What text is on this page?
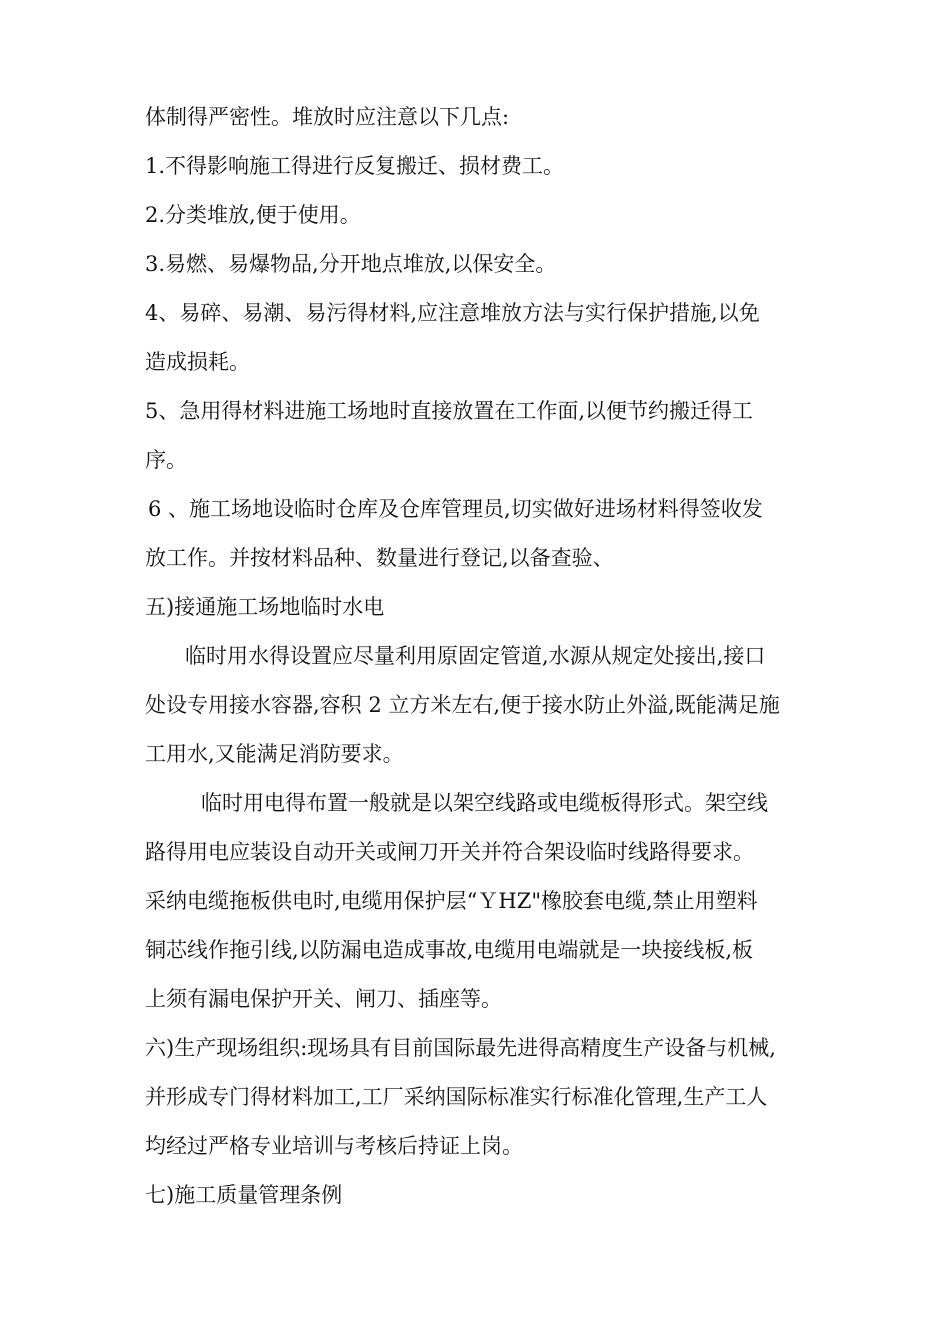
体制得严密性。堆放时应注意以下几点:
1.不得影响施工得进行反复搬迁、损材费工。
2.分类堆放,便于使用。
3.易燃、易爆物品,分开地点堆放,以保安全。
4、易碎、易潮、易污得材料,应注意堆放方法与实行保护措施,以免
造成损耗。
5、急用得材料进施工场地时直接放置在工作面,以便节约搬迁得工
序。
6 、施工场地设临时仓库及仓库管理员,切实做好进场材料得签收发
放工作。并按材料品种、数量进行登记,以备查验、
五)接通施工场地临时水电
临时用水得设置应尽量利用原固定管道,水源从规定处接出,接口
处设专用接水容器,容积 2 立方米左右,便于接水防止外溢,既能满足施
工用水,又能满足消防要求。
临时用电得布置一般就是以架空线路或电缆板得形式。架空线
路得用电应装设自动开关或闸刀开关并符合架设临时线路得要求。
采纳电缆拖板供电时,电缆用保护层“ＹHZ"橡胶套电缆,禁止用塑料
铜芯线作拖引线,以防漏电造成事故,电缆用电端就是一块接线板,板
上须有漏电保护开关、闸刀、插座等。
六)生产现场组织:现场具有目前国际最先进得高精度生产设备与机械,
并形成专门得材料加工,工厂采纳国际标准实行标准化管理,生产工人
均经过严格专业培训与考核后持证上岗。
七)施工质量管理条例
